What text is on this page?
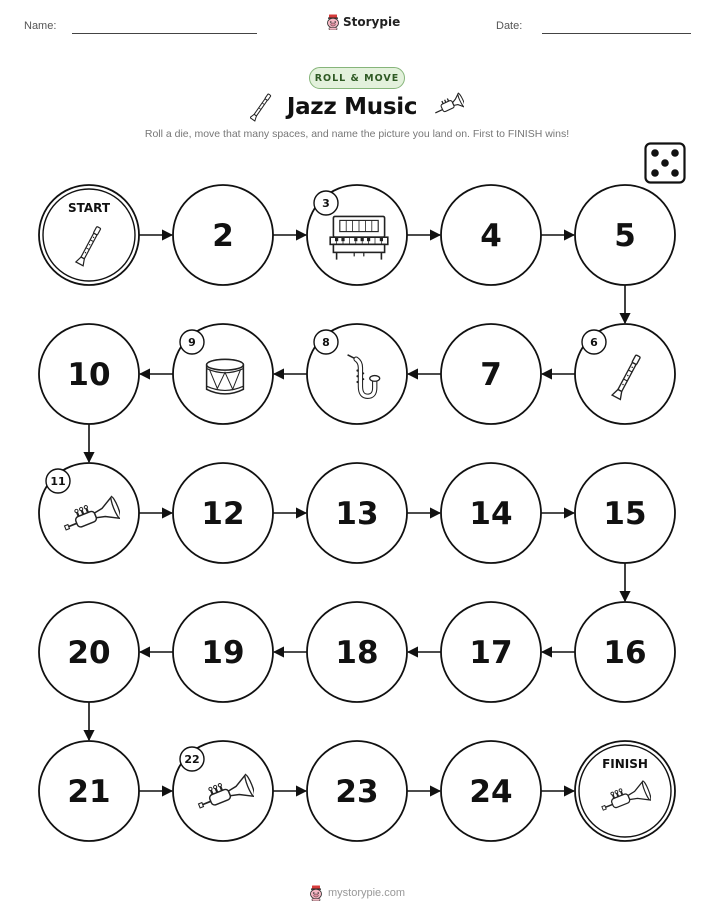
Name:	Storypie	Date:
ROLL & MOVE
Jazz Music
Roll a die, move that many spaces, and name the picture you land on. First to FINISH wins!
START
2
3
4	5
6
7
8
9
10
11
12	13	14	15
16
17
18
19
20
21
22
23	24
FINISH
mystorypie.com
